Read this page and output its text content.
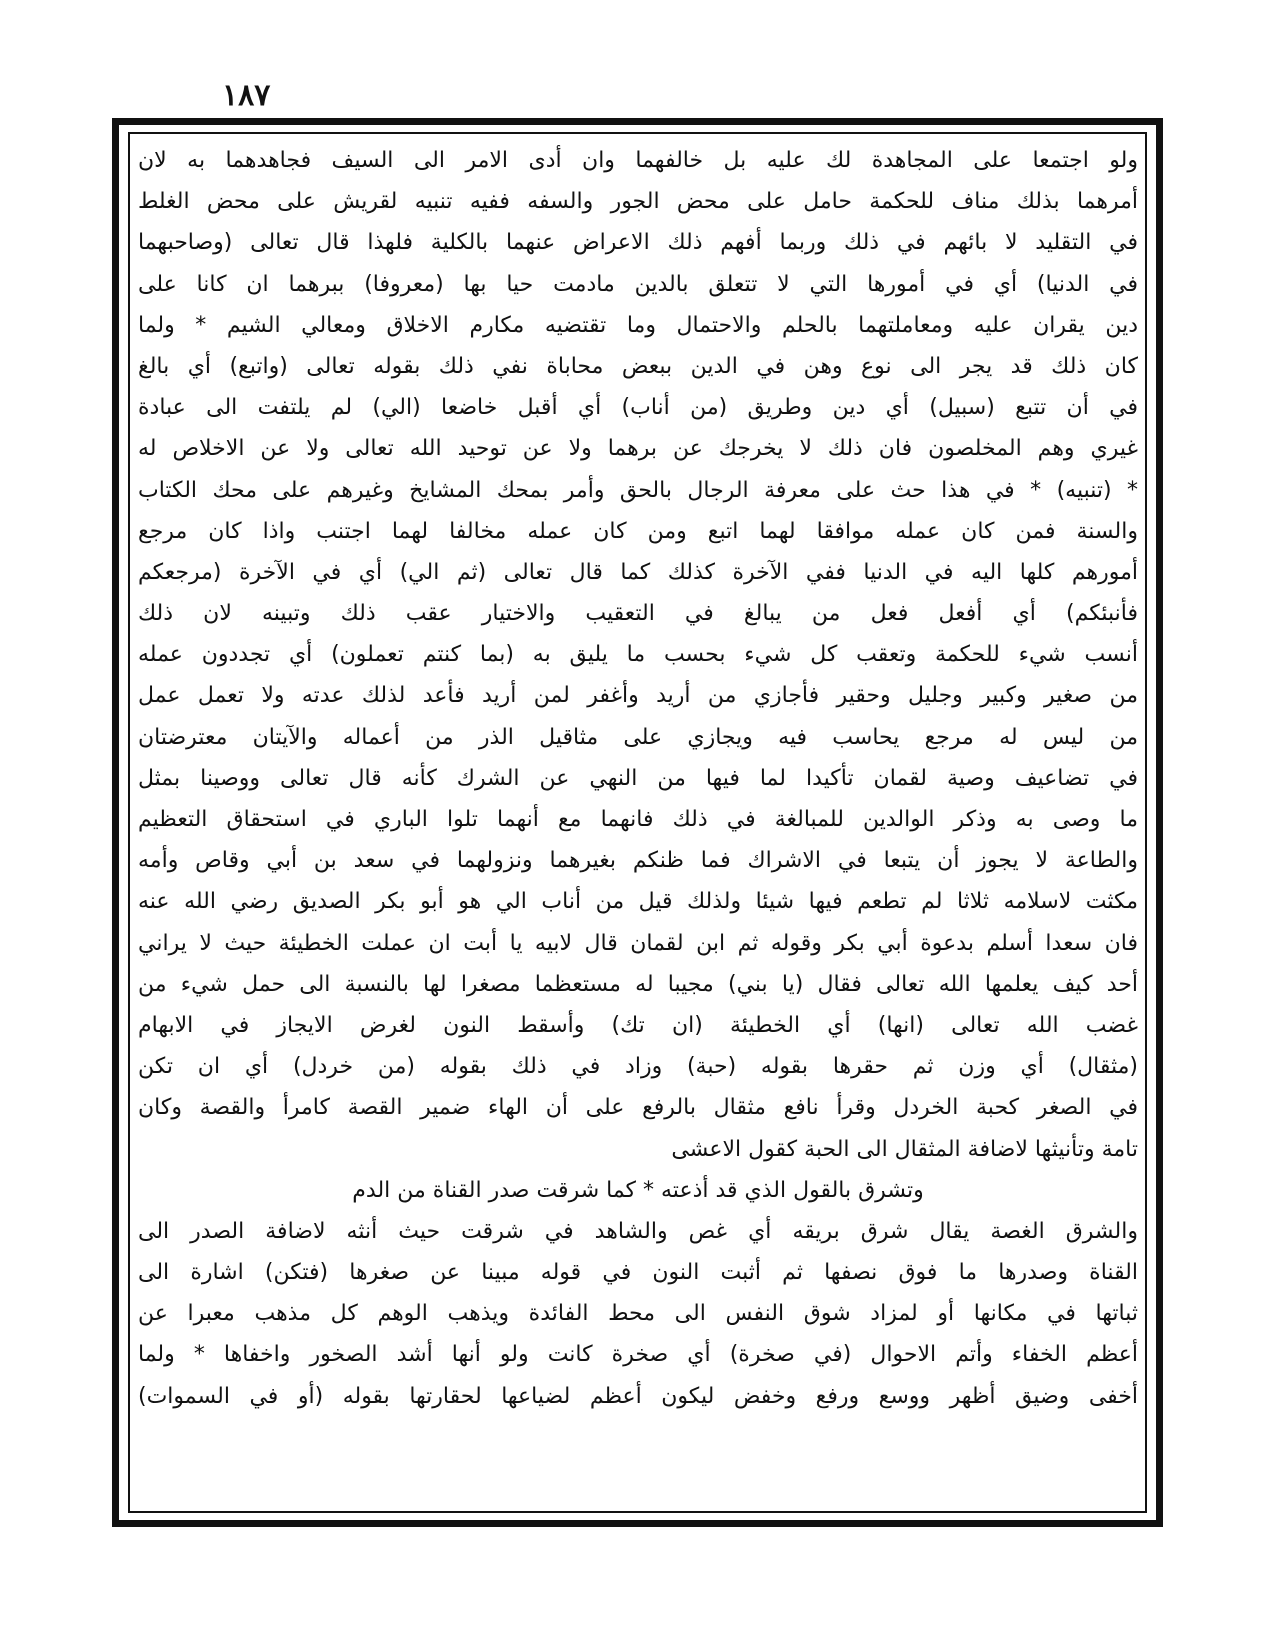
١٨٧
ولو اجتمعا على المجاهدة لك عليه بل خالفهما وان أدى الامر الى السيف فجاهدهما به لان
أمرهما بذلك مناف للحكمة حامل على محض الجور والسفه ففيه تنبيه لقريش على محض الغلط
في التقليد لا بائهم في ذلك وربما أفهم ذلك الاعراض عنهما بالكلية فلهذا قال تعالى (وصاحبهما
في الدنيا) أي في أمورها التي لا تتعلق بالدين مادمت حيا بها (معروفا) ببرهما ان كانا على
دين يقران عليه ومعاملتهما بالحلم والاحتمال وما تقتضيه مكارم الاخلاق ومعالي الشيم * ولما
كان ذلك قد يجر الى نوع وهن في الدين ببعض محاباة نفي ذلك بقوله تعالى (واتبع) أي بالغ
في أن تتبع (سبيل) أي دين وطريق (من أناب) أي أقبل خاضعا (الي) لم يلتفت الى عبادة
غيري وهم المخلصون فان ذلك لا يخرجك عن برهما ولا عن توحيد الله تعالى ولا عن الاخلاص له
* (تنبيه) * في هذا حث على معرفة الرجال بالحق وأمر بمحك المشايخ وغيرهم على محك الكتاب
والسنة فمن كان عمله موافقا لهما اتبع ومن كان عمله مخالفا لهما اجتنب واذا كان مرجع
أمورهم كلها اليه في الدنيا ففي الآخرة كذلك كما قال تعالى (ثم الي) أي في الآخرة (مرجعكم
فأنبئكم) أي أفعل فعل من يبالغ في التعقيب والاختيار عقب ذلك وتبينه لان ذلك
أنسب شيء للحكمة وتعقب كل شيء بحسب ما يليق به (بما كنتم تعملون) أي تجددون عمله
من صغير وكبير وجليل وحقير فأجازي من أريد وأغفر لمن أريد فأعد لذلك عدته ولا تعمل عمل
من ليس له مرجع يحاسب فيه ويجازي على مثاقيل الذر من أعماله والآيتان معترضتان
في تضاعيف وصية لقمان تأكيدا لما فيها من النهي عن الشرك كأنه قال تعالى ووصينا بمثل
ما وصى به وذكر الوالدين للمبالغة في ذلك فانهما مع أنهما تلوا الباري في استحقاق التعظيم
والطاعة لا يجوز أن يتبعا في الاشراك فما ظنكم بغيرهما ونزولهما في سعد بن أبي وقاص وأمه
مكثت لاسلامه ثلاثا لم تطعم فيها شيئا ولذلك قيل من أناب الي هو أبو بكر الصديق رضي الله عنه
فان سعدا أسلم بدعوة أبي بكر وقوله ثم ابن لقمان قال لابيه يا أبت ان عملت الخطيئة حيث لا يراني
أحد كيف يعلمها الله تعالى فقال (يا بني) مجيبا له مستعظما مصغرا لها بالنسبة الى حمل شيء من
غضب الله تعالى (انها) أي الخطيئة (ان تك) وأسقط النون لغرض الايجاز في الابهام
(مثقال) أي وزن ثم حقرها بقوله (حبة) وزاد في ذلك بقوله (من خردل) أي ان تكن
في الصغر كحبة الخردل وقرأ نافع مثقال بالرفع على أن الهاء ضمير القصة كامرأ والقصة وكان
تامة وتأنيثها لاضافة المثقال الى الحبة كقول الاعشى
وتشرق بالقول الذي قد أذعته * كما شرقت صدر القناة من الدم
والشرق الغصة يقال شرق بريقه أي غص والشاهد في شرقت حيث أنثه لاضافة الصدر الى
القناة وصدرها ما فوق نصفها ثم أثبت النون في قوله مبينا عن صغرها (فتكن) اشارة الى
ثباتها في مكانها أو لمزاد شوق النفس الى محط الفائدة ويذهب الوهم كل مذهب معبرا عن
أعظم الخفاء وأتم الاحوال (في صخرة) أي صخرة كانت ولو أنها أشد الصخور واخفاها * ولما
أخفى وضيق أظهر ووسع ورفع وخفض ليكون أعظم لضياعها لحقارتها بقوله (أو في السموات)
